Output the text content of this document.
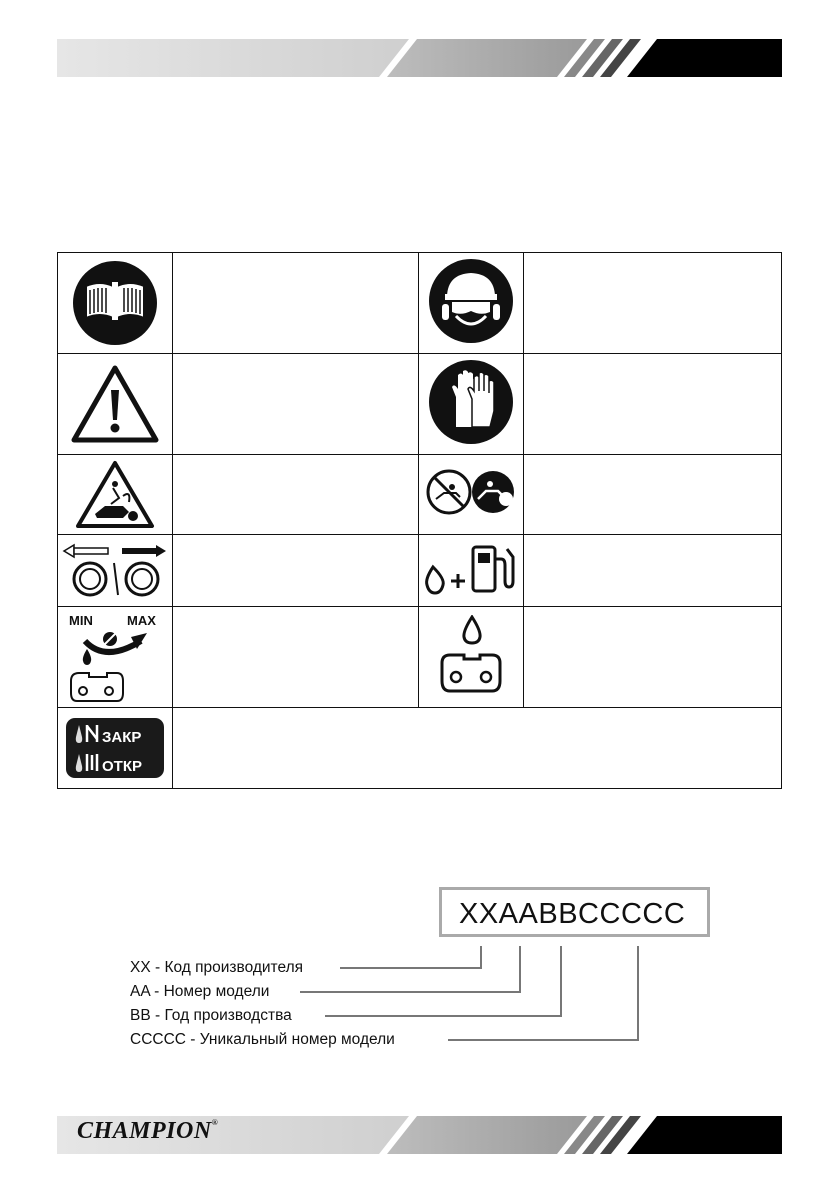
MIN MAX

ЗАКР
ОТКР			

XXAABBCCCCC
XX - Код производителя
AA - Номер модели
BB - Год производства
CCCCC - Уникальный номер модели
CHAMPION®
